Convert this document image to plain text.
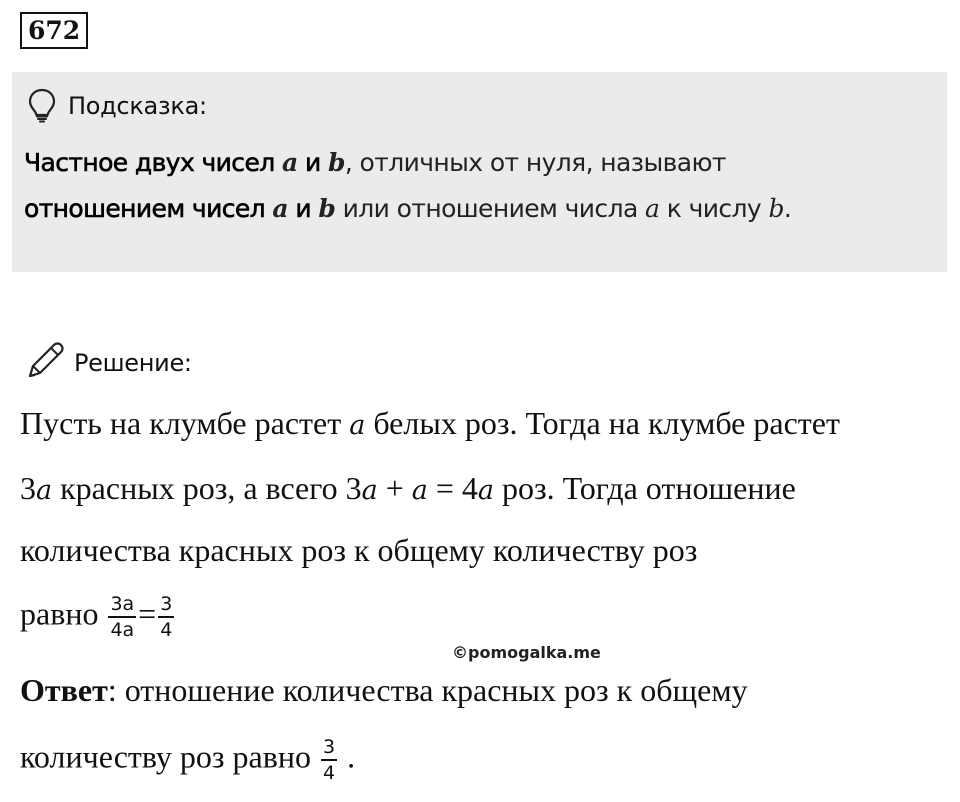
672
Подсказка:
Частное двух чисел a и b, отличных от нуля, называют
отношением чисел a и b или отношением числа a к числу b.
Решение:
Пусть на клумбе растет a белых роз. Тогда на клумбе растет
3a красных роз, а всего 3a + a = 4a роз. Тогда отношение
количества красных роз к общему количеству роз
равно $\frac{3a}{4a} = \frac{3}{4}$
©pomogalka.me
Ответ: отношение количества красных роз к общему
количеству роз равно $\frac{3}{4}$ .
